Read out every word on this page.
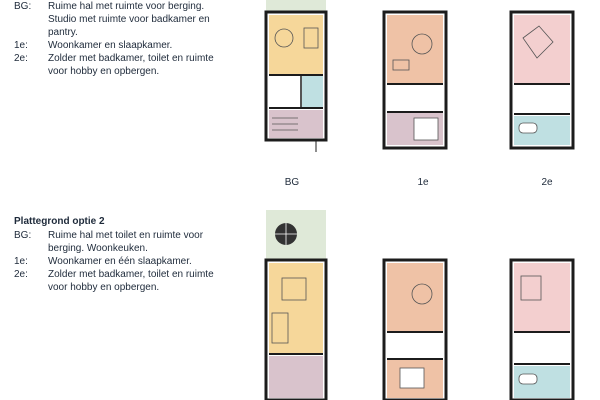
BG:	Ruime hal met ruimte voor berging. Studio met ruimte voor badkamer en pantry.
1e:	Woonkamer en slaapkamer.
2e:	Zolder met badkamer, toilet en ruimte voor hobby en opbergen.
Plattegrond optie 2
BG:	Ruime hal met toilet en ruimte voor berging. Woonkeuken.
1e:	Woonkamer en één slaapkamer.
2e:	Zolder met badkamer, toilet en ruimte voor hobby en opbergen.
BG	1e	2e
